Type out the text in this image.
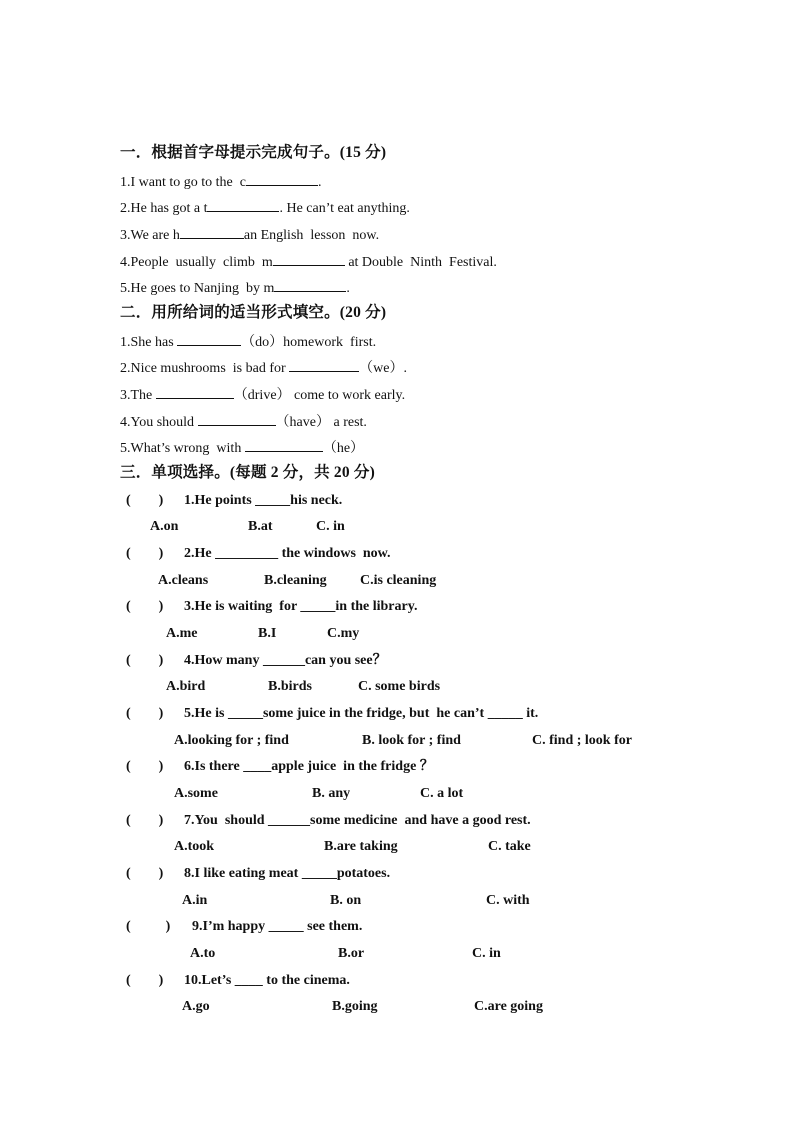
一．根据首字母提示完成句子。(15 分)
1.I want to go to the  c	.
2.He has got a t	. He can’t eat anything.
3.We are h	an English  lesson  now.
4.People  usually  climb  m	at Double  Ninth  Festival.
5.He goes to Nanjing  by m	.
二．用所给词的适当形式填空。(20 分)
1.She has	（do）homework  first.
2.Nice mushrooms  is bad for	（we）.
3.The	（drive） come to work early.
4.You should	（have） a rest.
5.What’s wrong  with	（he）
三．单项选择。(每题 2 分，共 20 分)
(        ) 1.He points _____his neck.
A.on	B.at	C. in
(        ) 2.He _________ the windows  now.
A.cleans	B.cleaning C.is cleaning
(        ) 3.He is waiting  for _____in the library.
A.me	B.I	C.my
(        ) 4.How many ______can you see？
A.bird	B.birds	C. some birds
(        ) 5.He is _____some juice in the fridge, but  he can’t _____ it.
A.looking for ; find	B. look for ; find	C. find ; look for
(        ) 6.Is there ____apple juice  in the fridge ？
A.some	B. any	C. a lot
(        ) 7.You  should ______some medicine  and have a good rest.
A.took	B.are taking	C. take
(        ) 8.I like eating meat _____potatoes.
A.in	B. on	C. with
(          ) 9.I’m happy _____ see them.
A.to	B.or	C. in
(        ) 10.Let’s ____ to the cinema.
A.go	B.going	C.are going
